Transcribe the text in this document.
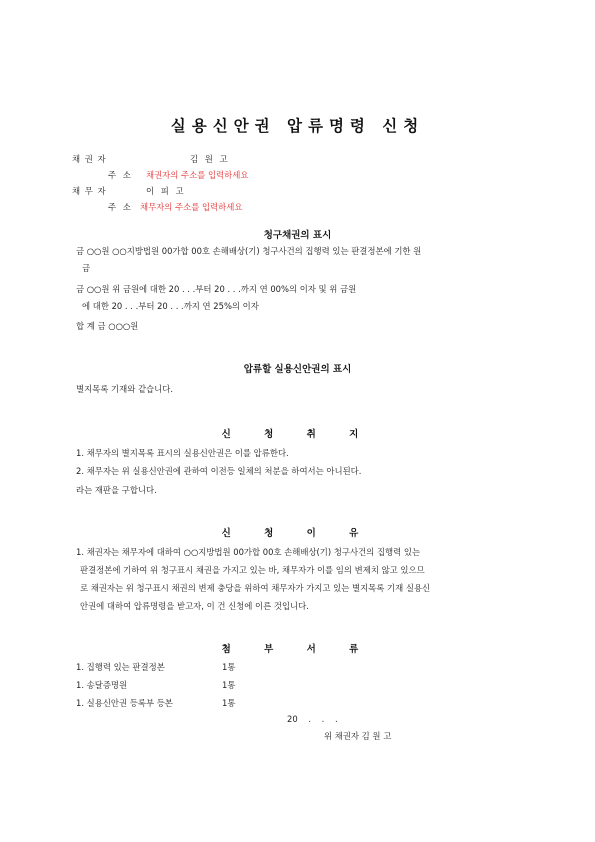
실용신안권 압류명령 신청
채 권 자	김 원 고
주 소 채권자의 주소를 입력하세요
채 무 자	이 피 고
주 소 채무자의 주소를 입력하세요
청구채권의 표시
금 ○○원 ○○지방법원 00가합 00호 손해배상(기) 청구사건의 집행력 있는 판결정본에 기한 원
금
금 ○○원 위 금원에 대한 20 . . .부터 20 . . .까지 연 00%의 이자 및 위 금원
에 대한 20 . . .부터 20 . . .까지 연 25%의 이자
합 계 금 ○○○원
압류할 실용신안권의 표시
별지목록 기재와 같습니다.
신 청 취 지
1. 채무자의 별지목록 표시의 실용신안권은 이를 압류한다.
2. 채무자는 위 실용신안권에 관하여 이전등 일체의 처분을 하여서는 아니된다.
라는 재판을 구합니다.
신 청 이 유
1. 채권자는 채무자에 대하여 ○○지방법원 00가합 00호 손해배상(기) 청구사건의 집행력 있는
판결정본에 기하여 위 청구표시 채권을 가지고 있는 바, 채무자가 이를 임의 변제치 않고 있으므
로 채권자는 위 청구표시 채권의 변제 충당을 위하여 채무자가 가지고 있는 별지목록 기재 실용신
안권에 대하여 압류명령을 받고자, 이 건 신청에 이른 것입니다.
첨 부 서 류
1. 집행력 있는 판결정본	1통
1. 송달증명원	1통
1. 실용신안권 등록부 등본	1통
20 . . .
위 채권자 김 원 고
